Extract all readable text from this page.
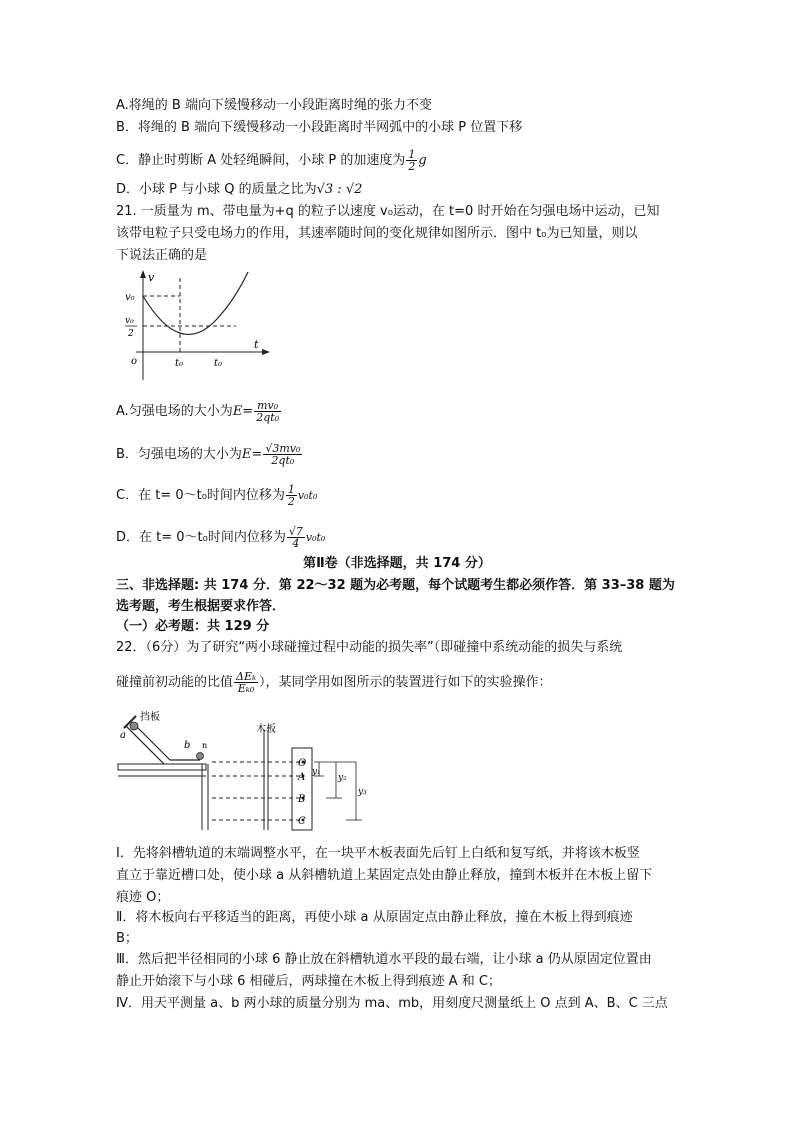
A.将绳的 B 端向下缓慢移动一小段距离时绳的张力不变
B．将绳的 B 端向下缓慢移动一小段距离时半网弧中的小球 P 位置下移
C．静止时剪断 A 处轻绳瞬间，小球 P 的加速度为 $\frac{1}{2}$ g
D．小球 P 与小球 Q 的质量之比为√3 : √2
21. 一质量为 m、带电量为+q 的粒子以速度 v₀运动，在 t=0 时开始在匀强电场中运动，已知
该带电粒子只受电场力的作用，其速率随时间的变化规律如图所示．图中 t₀为已知量，则以
下说法正确的是
v
t
v₀
v₀
2
o	t₀	t₀
A.匀强电场的大小为$E= \frac{\text{mv₀}}{\text{2qt₀}}$
B．匀强电场的大小为$E= \frac{\text{√3mv₀}}{\text{2qt₀}}$
C．在 t= 0～t₀时间内位移为 $\frac{1}{2} v_0t_0$
D．在 t= 0～t₀时间内位移为 $\frac{√7}{4} v_0t_0$
第Ⅱ卷（非选择题，共 174 分）
三、非选择题: 共 174 分．第 22～32 题为必考题，每个试题考生都必须作答．第 33–38 题为
选考题，考生根据要求作答．
（一）必考题：共 129 分
22．（6分）为了研究“两小球碰撞过程中动能的损失率”（即碰撞中系统动能的损失与系统
碰撞前初动能的比值 $\frac{\text{ΔEₖ}}{\text{Eₖ₀}}$ ），某同学用如图所示的装置进行如下的实验操作：
挡板
木板
a
b n
O
A
B
C
y₁
y₂
y₃
I．先将斜槽轨道的末端调整水平，在一块平木板表面先后钉上白纸和复写纸，并将该木板竖
直立于靠近槽口处，使小球 a 从斜槽轨道上某固定点处由静止释放，撞到木板并在木板上留下
痕迹 O；
Ⅱ．将木板向右平移适当的距离，再使小球 a 从原固定点由静止释放，撞在木板上得到痕迹
B；
Ⅲ．然后把半径相同的小球 6 静止放在斜槽轨道水平段的最右端，让小球 a 仍从原固定位置由
静止开始滚下与小球 6 相碰后，两球撞在木板上得到痕迹 A 和 C；
Ⅳ．用天平测量 a、b 两小球的质量分别为 ma、mb，用刻度尺测量纸上 O 点到 A、B、C 三点
